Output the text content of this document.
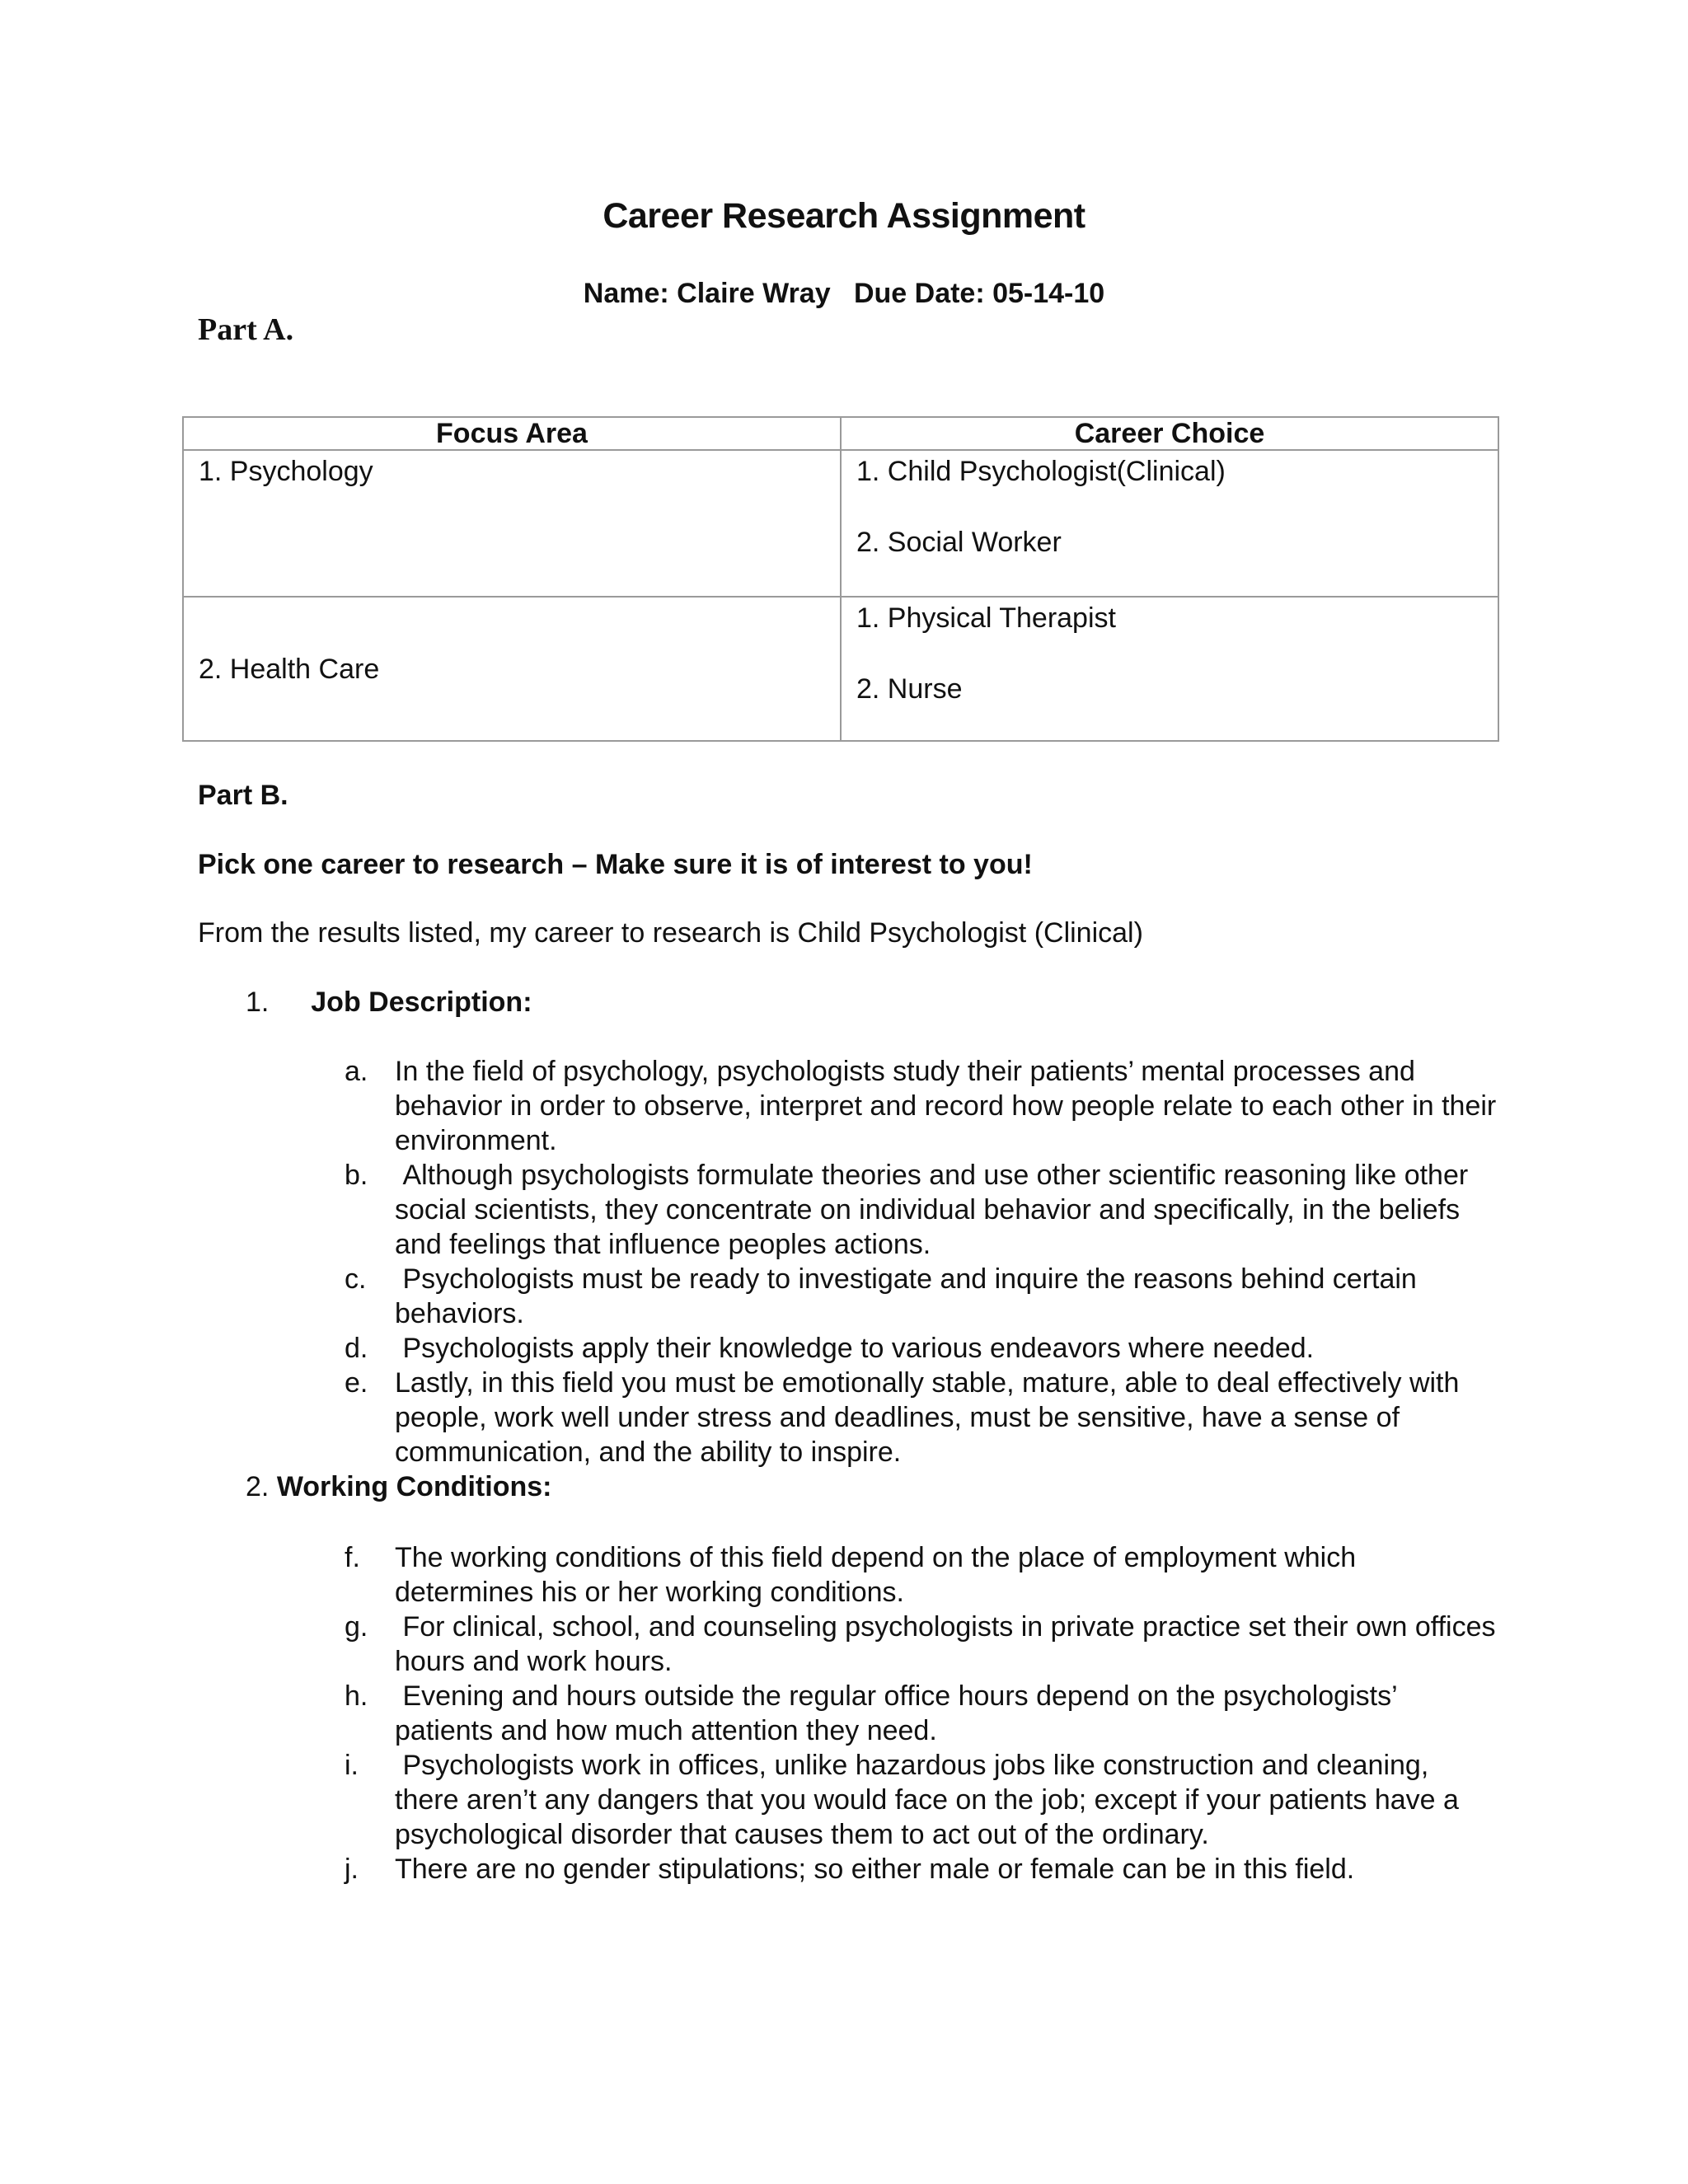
Career Research Assignment
Name: Claire Wray   Due Date: 05-14-10
Part A.
Focus Area	Career Choice

1. Psychology	1. Child Psychologist(Clinical)
2. Social Worker

2. Health Care	1. Physical Therapist
2. Nurse
Part B.
Pick one career to research – Make sure it is of interest to you!
From the results listed, my career to research is Child Psychologist (Clinical)
1. Job Description:
a. In the field of psychology, psychologists study their patients’ mental processes and behavior in order to observe, interpret and record how people relate to each other in their environment.
b. Although psychologists formulate theories and use other scientific reasoning like other social scientists, they concentrate on individual behavior and specifically, in the beliefs and feelings that influence peoples actions.
c.	Psychologists must be ready to investigate and inquire the reasons behind certain behaviors.
d. Psychologists apply their knowledge to various endeavors where needed.
e. Lastly, in this field you must be emotionally stable, mature, able to deal effectively with people, work well under stress and deadlines, must be sensitive, have a sense of communication, and the ability to inspire.
2. Working Conditions:
f.	The working conditions of this field depend on the place of employment which determines his or her working conditions.
g. For clinical, school, and counseling psychologists in private practice set their own offices hours and work hours.
h. Evening and hours outside the regular office hours depend on the psychologists’ patients and how much attention they need.
i.	Psychologists work in offices, unlike hazardous jobs like construction and cleaning, there aren’t any dangers that you would face on the job; except if your patients have a psychological disorder that causes them to act out of the ordinary.
j.	There are no gender stipulations; so either male or female can be in this field.
